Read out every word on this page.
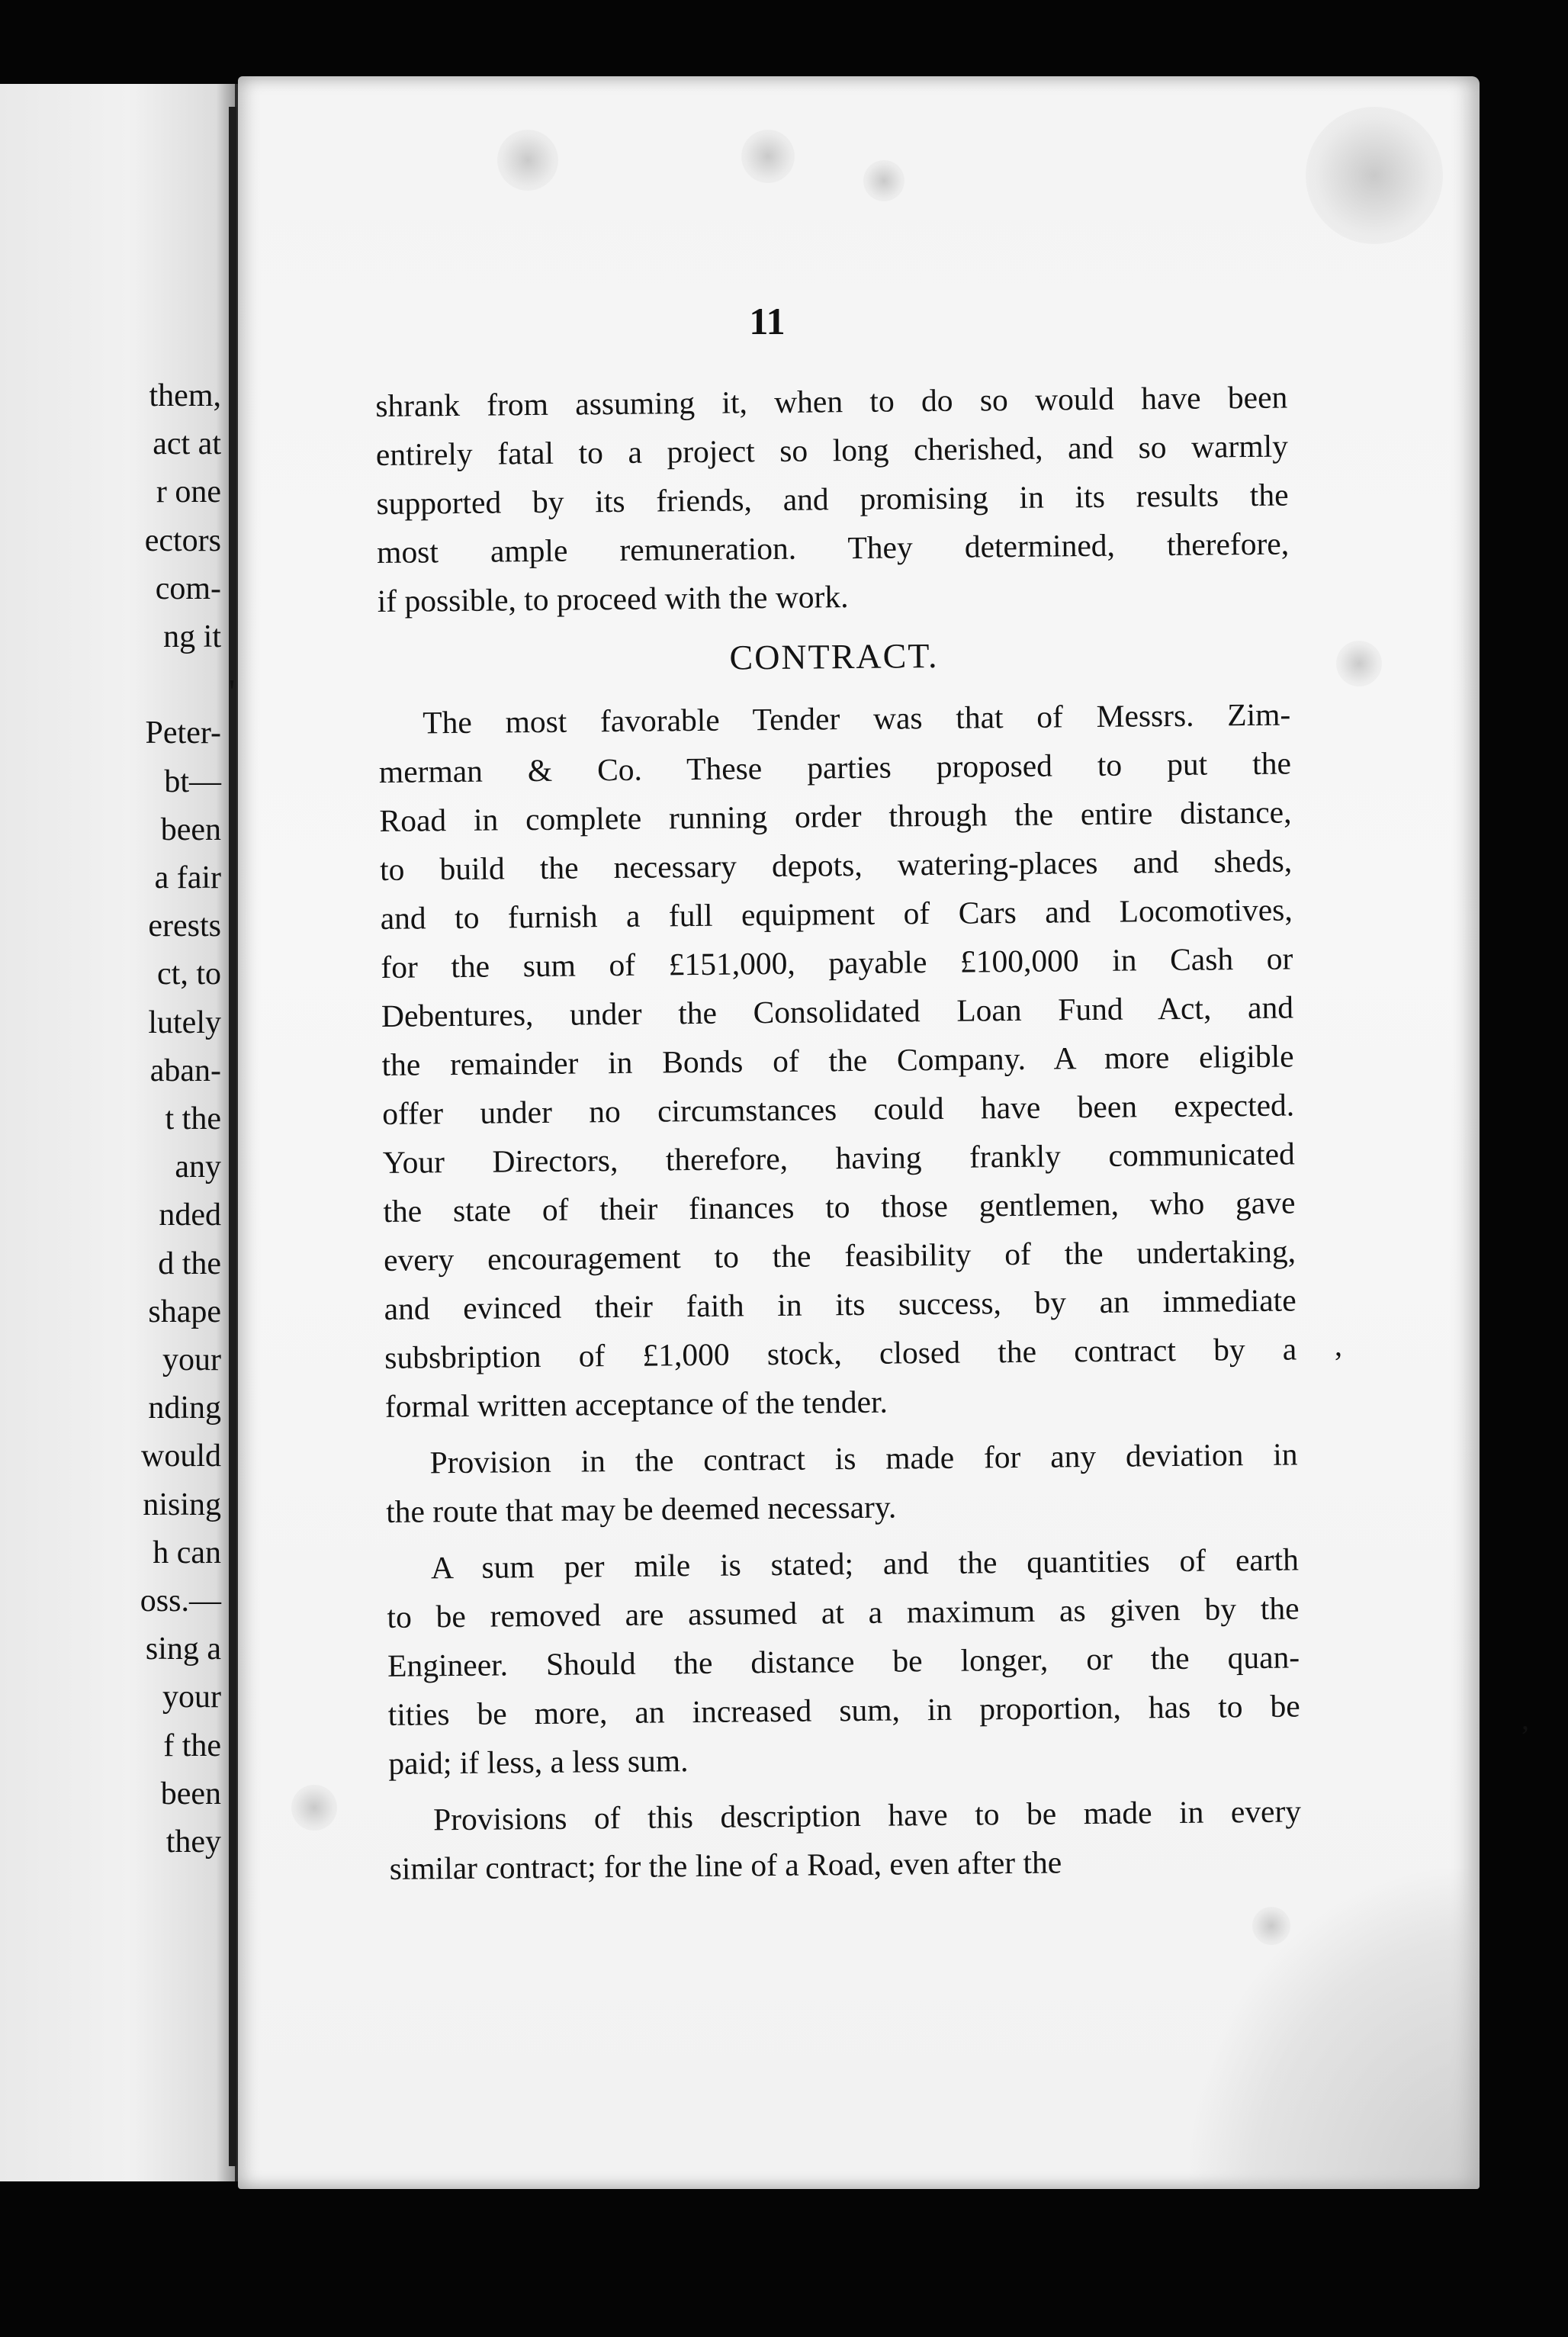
them,
act at
r one
ectors
com-
ng it
Peter-
bt—
been
a fair
erests
ct, to
lutely
aban-
t the
any
nded
d the
shape
your
nding
would
nising
h can
oss.—
sing a
your
f the
been
they
11
shrank from assuming it, when to do so would have been
entirely fatal to a project so long cherished, and so warmly
supported by its friends, and promising in its results the
most ample remuneration. They determined, therefore,
if possible, to proceed with the work.
CONTRACT.
The most favorable Tender was that of Messrs. Zim-
merman & Co. These parties proposed to put the
Road in complete running order through the entire distance,
to build the necessary depots, watering-places and sheds,
and to furnish a full equipment of Cars and Locomotives,
for the sum of £151,000, payable £100,000 in Cash or
Debentures, under the Consolidated Loan Fund Act, and
the remainder in Bonds of the Company. A more eligible
offer under no circumstances could have been expected.
Your Directors, therefore, having frankly communicated
the state of their finances to those gentlemen, who gave
every encouragement to the feasibility of the undertaking,
and evinced their faith in its success, by an immediate
subsbription of £1,000 stock, closed the contract by a
formal written acceptance of the tender.
Provision in the contract is made for any deviation in
the route that may be deemed necessary.
A sum per mile is stated; and the quantities of earth
to be removed are assumed at a maximum as given by the
Engineer. Should the distance be longer, or the quan-
tities be more, an increased sum, in proportion, has to be
paid; if less, a less sum.
Provisions of this description have to be made in every
similar contract; for the line of a Road, even after the
,
,
'
